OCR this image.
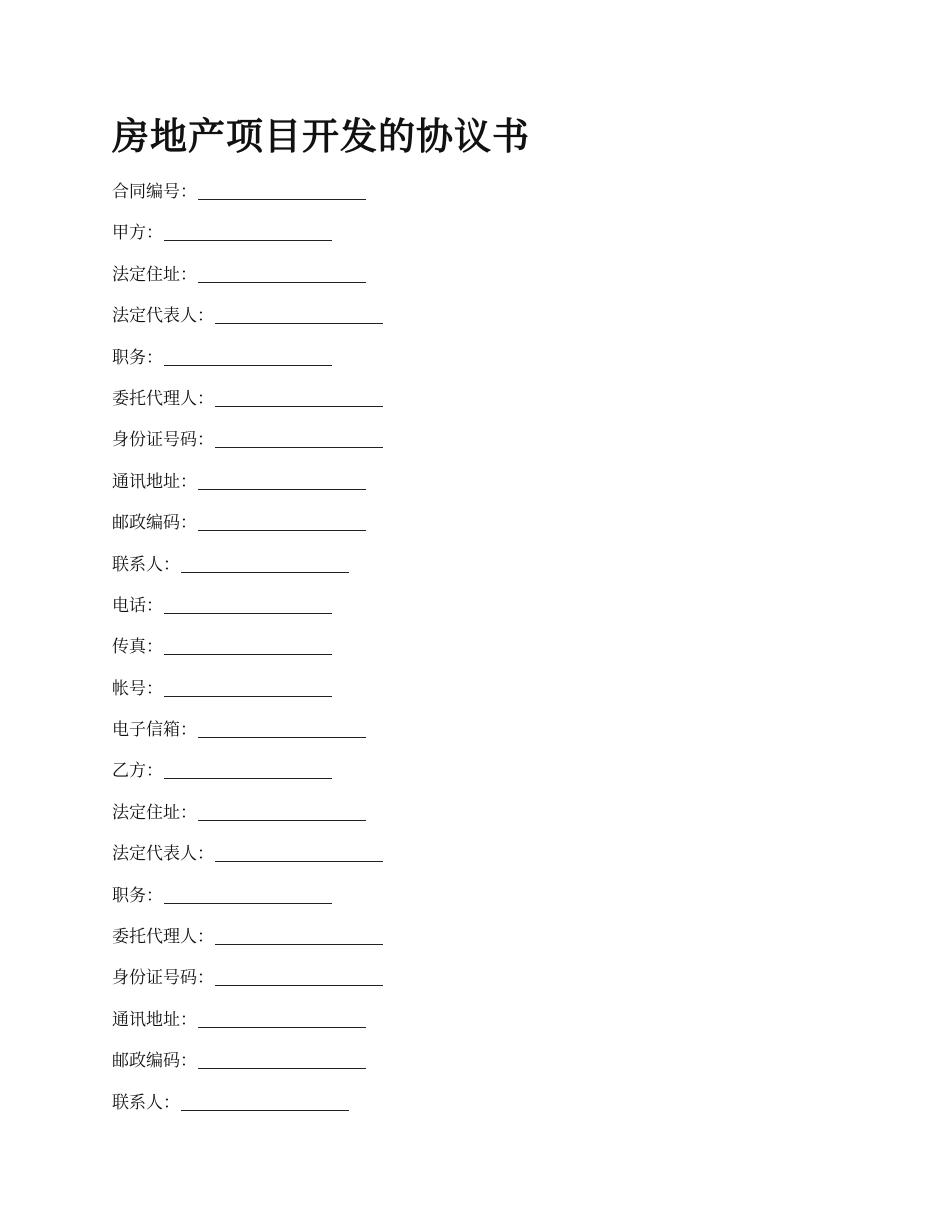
房地产项目开发的协议书
合同编号：
甲方：
法定住址：
法定代表人：
职务：
委托代理人：
身份证号码：
通讯地址：
邮政编码：
联系人：
电话：
传真：
帐号：
电子信箱：
乙方：
法定住址：
法定代表人：
职务：
委托代理人：
身份证号码：
通讯地址：
邮政编码：
联系人：
